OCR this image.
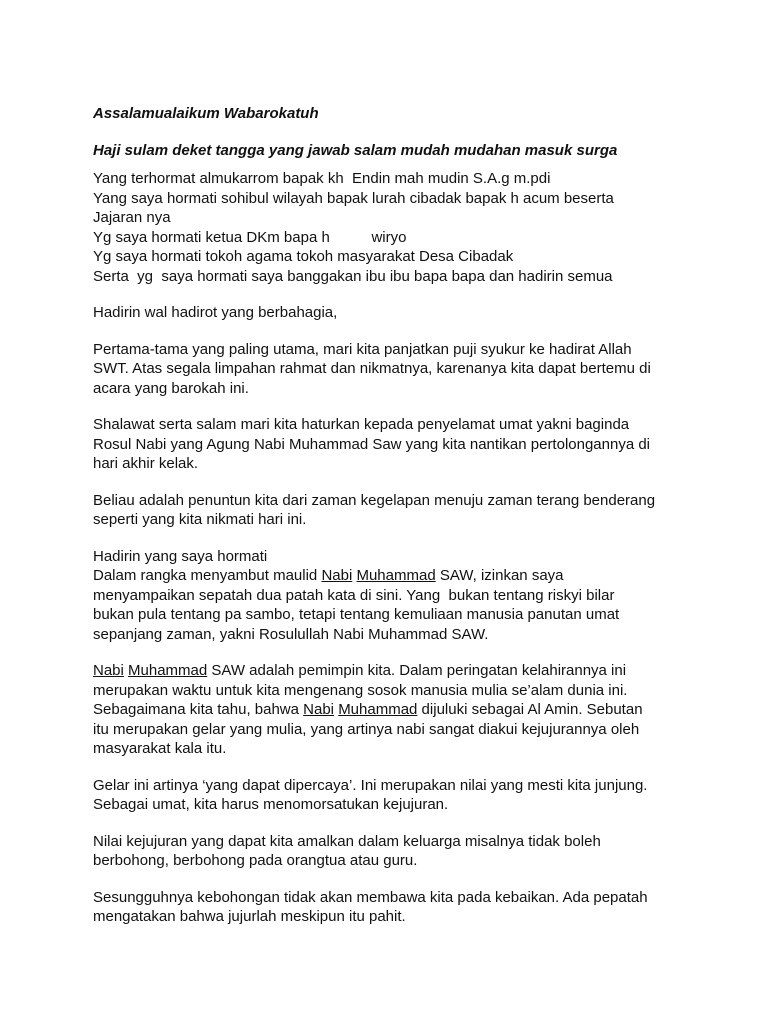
Assalamualaikum Wabarokatuh
Haji sulam deket tangga yang jawab salam mudah mudahan masuk surga
Yang terhormat almukarrom bapak kh  Endin mah mudin S.A.g m.pdi
Yang saya hormati sohibul wilayah bapak lurah cibadak bapak h acum beserta
Jajaran nya
Yg saya hormati ketua DKm bapa h          wiryo
Yg saya hormati tokoh agama tokoh masyarakat Desa Cibadak
Serta  yg  saya hormati saya banggakan ibu ibu bapa bapa dan hadirin semua
Hadirin wal hadirot yang berbahagia,
Pertama-tama yang paling utama, mari kita panjatkan puji syukur ke hadirat Allah
SWT. Atas segala limpahan rahmat dan nikmatnya, karenanya kita dapat bertemu di
acara yang barokah ini.
Shalawat serta salam mari kita haturkan kepada penyelamat umat yakni baginda
Rosul Nabi yang Agung Nabi Muhammad Saw yang kita nantikan pertolongannya di
hari akhir kelak.
Beliau adalah penuntun kita dari zaman kegelapan menuju zaman terang benderang
seperti yang kita nikmati hari ini.
Hadirin yang saya hormati
Dalam rangka menyambut maulid Nabi Muhammad SAW, izinkan saya
menyampaikan sepatah dua patah kata di sini. Yang  bukan tentang riskyi bilar
bukan pula tentang pa sambo, tetapi tentang kemuliaan manusia panutan umat
sepanjang zaman, yakni Rosulullah Nabi Muhammad SAW.
Nabi Muhammad SAW adalah pemimpin kita. Dalam peringatan kelahirannya ini
merupakan waktu untuk kita mengenang sosok manusia mulia se’alam dunia ini.
Sebagaimana kita tahu, bahwa Nabi Muhammad dijuluki sebagai Al Amin. Sebutan
itu merupakan gelar yang mulia, yang artinya nabi sangat diakui kejujurannya oleh
masyarakat kala itu.
Gelar ini artinya ‘yang dapat dipercaya’. Ini merupakan nilai yang mesti kita junjung.
Sebagai umat, kita harus menomorsatukan kejujuran.
Nilai kejujuran yang dapat kita amalkan dalam keluarga misalnya tidak boleh
berbohong, berbohong pada orangtua atau guru.
Sesungguhnya kebohongan tidak akan membawa kita pada kebaikan. Ada pepatah
mengatakan bahwa jujurlah meskipun itu pahit.
